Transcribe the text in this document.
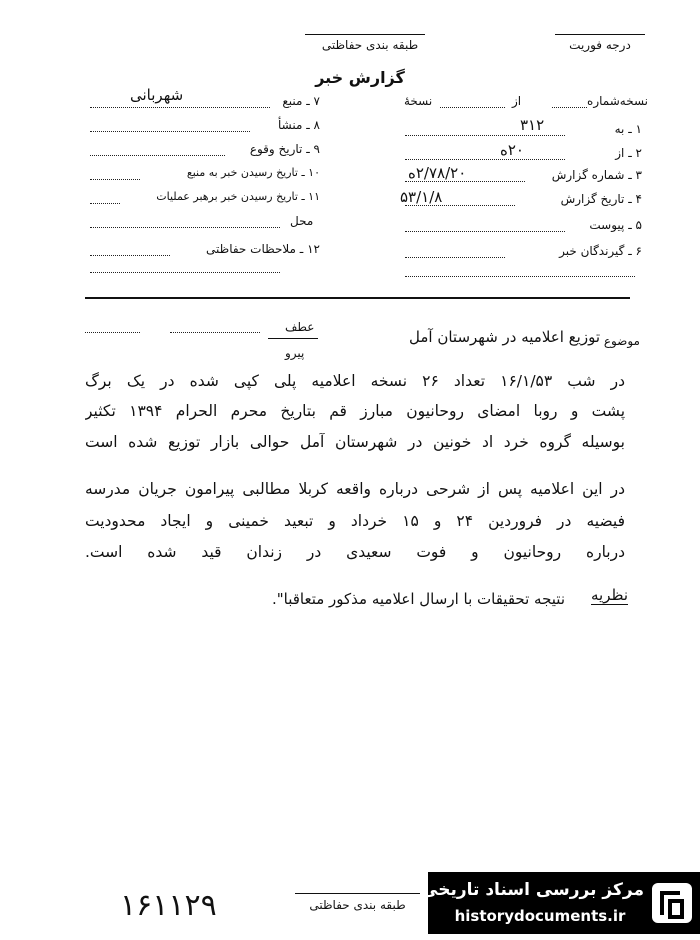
طبقه بندی حفاظتی	درجه فوریت
گزارش خبر
نسخه‌شماره
از
نسخهٔ
۱ ـ به
۳۱۲
۲ ـ از
۲۰ه
۳ ـ شماره گزارش
۲/۷۸/۲۰ه
۴ ـ تاریخ گزارش
۵۳/۱/۸
۵ ـ پیوست
۶ ـ گیرندگان خبر
۷ ـ منبع
شهربانی
۸ ـ منشأ
۹ ـ تاریخ وقوع
۱۰ ـ تاریخ رسیدن خبر به منبع
۱۱ ـ تاریخ رسیدن خبر برهبر عملیات
محل
۱۲ ـ ملاحظات حفاظتی
موضوع
توزیع اعلامیه در شهرستان آمل
عطف
پیرو
در شب ۱۶/۱/۵۳ تعداد ۲۶ نسخه اعلامیه پلی کپی شده در یک برگ
پشت و روبا امضای روحانیون مبارز قم بتاریخ محرم الحرام ۱۳۹۴ تکثیر
بوسیله گروه خرد اد خونین در شهرستان آمل حوالی بازار توزیع شده است
در این اعلامیه پس از شرحی درباره واقعه کربلا مطالبی پیرامون جریان مدرسه
فیضیه در فروردین ۲۴ و ۱۵ خرداد و تبعید خمینی و ایجاد محدودیت
درباره روحانیون و فوت سعیدی در زندان قید شده است.
نظریه
نتیجه تحقیقات با ارسال اعلامیه مذکور متعاقبا".
۱۶۱۱۲۹	طبقه بندی حفاظتی
مرکز بررسی اسناد تاریخی
historydocuments.ir
